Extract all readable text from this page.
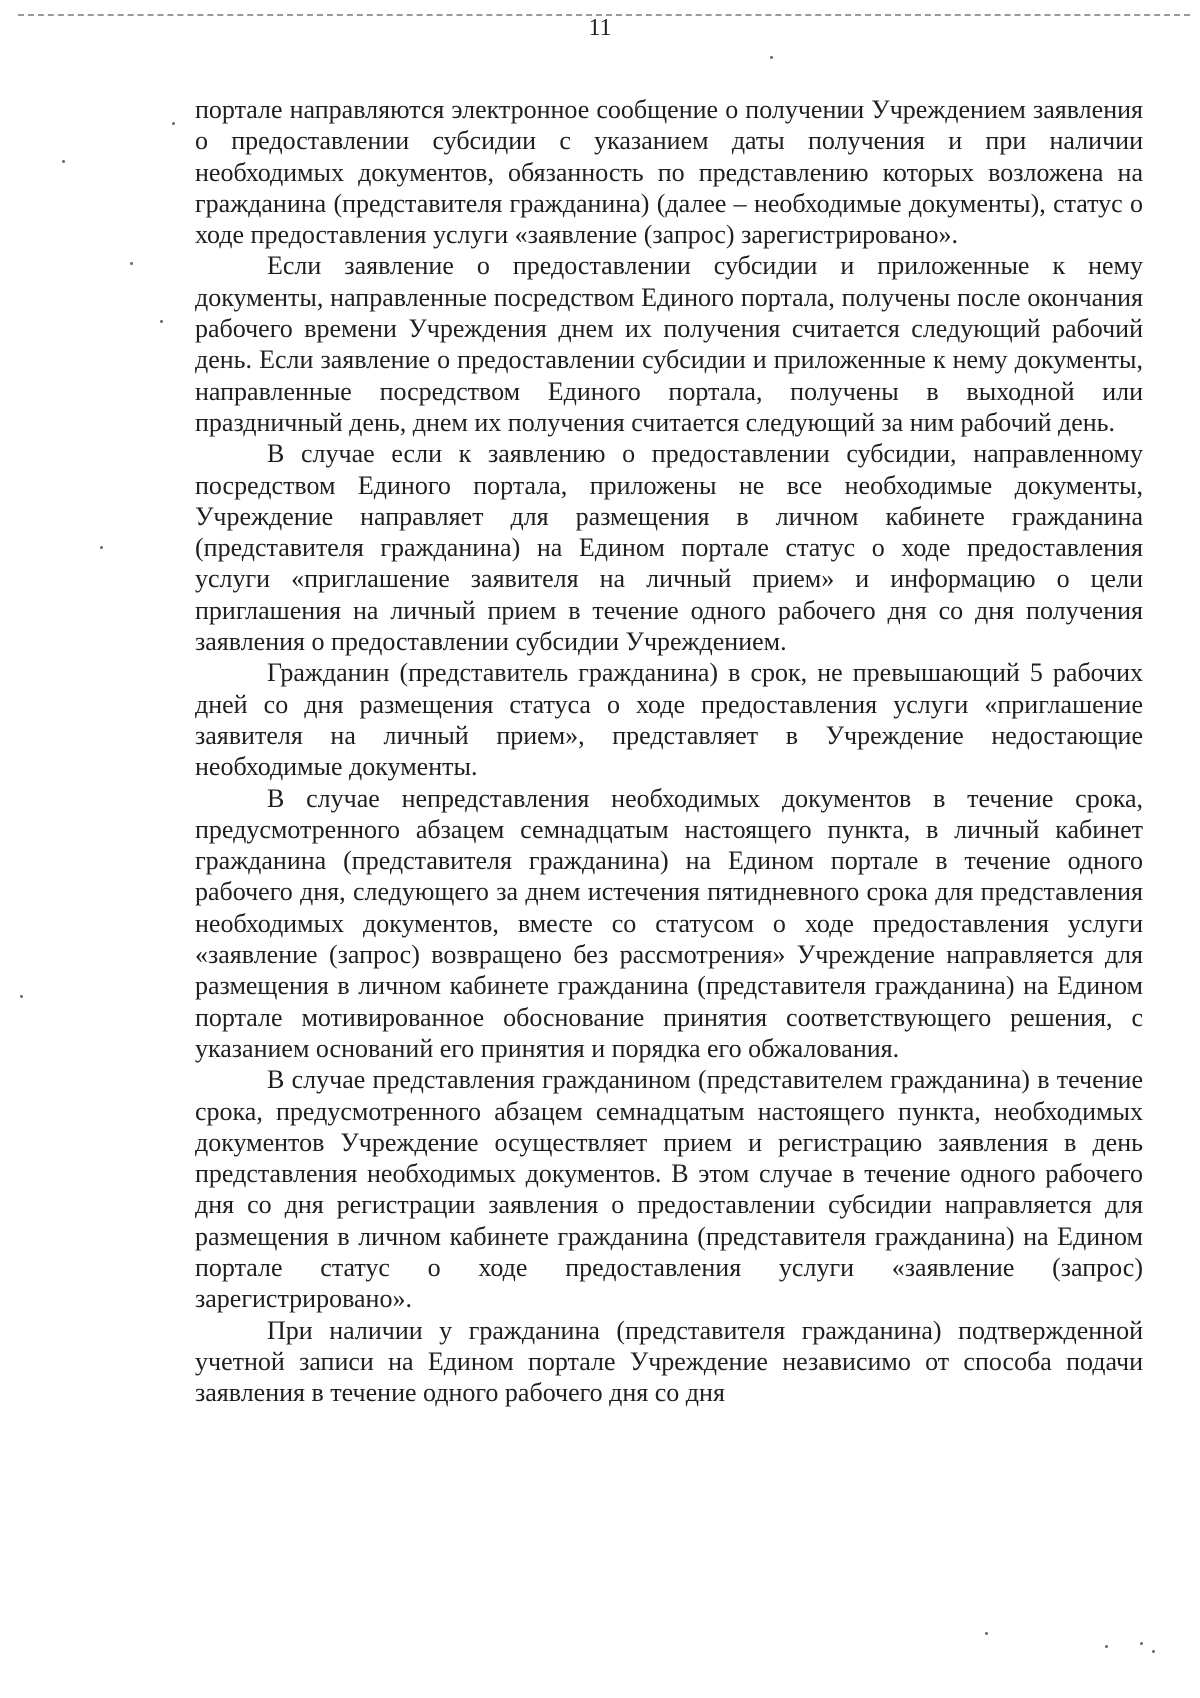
11

порталe направляются электронное сообщение о получении Учреждением заявления о предоставлении субсидии с указанием даты получения и при наличии необходимых документов, обязанность по представлению которых возложена на гражданина (представителя гражданина) (далее – необходимые документы), статус о ходе предоставления услуги «заявление (запрос) зарегистрировано».

Если заявление о предоставлении субсидии и приложенные к нему документы, направленные посредством Единого портала, получены после окончания рабочего времени Учреждения днем их получения считается следующий рабочий день. Если заявление о предоставлении субсидии и приложенные к нему документы, направленные посредством Единого портала, получены в выходной или праздничный день, днем их получения считается следующий за ним рабочий день.

В случае если к заявлению о предоставлении субсидии, направленному посредством Единого портала, приложены не все необходимые документы, Учреждение направляет для размещения в личном кабинете гражданина (представителя гражданина) на Едином портале статус о ходе предоставления услуги «приглашение заявителя на личный прием» и информацию о цели приглашения на личный прием в течение одного рабочего дня со дня получения заявления о предоставлении субсидии Учреждением.

Гражданин (представитель гражданина) в срок, не превышающий 5 рабочих дней со дня размещения статуса о ходе предоставления услуги «приглашение заявителя на личный прием», представляет в Учреждение недостающие необходимые документы.

В случае непредставления необходимых документов в течение срока, предусмотренного абзацем семнадцатым настоящего пункта, в личный кабинет гражданина (представителя гражданина) на Едином портале в течение одного рабочего дня, следующего за днем истечения пятидневного срока для представления необходимых документов, вместе со статусом о ходе предоставления услуги «заявление (запрос) возвращено без рассмотрения» Учреждение направляется для размещения в личном кабинете гражданина (представителя гражданина) на Едином портале мотивированное обоснование принятия соответствующего решения, с указанием оснований его принятия и порядка его обжалования.

В случае представления гражданином (представителем гражданина) в течение срока, предусмотренного абзацем семнадцатым настоящего пункта, необходимых документов Учреждение осуществляет прием и регистрацию заявления в день представления необходимых документов. В этом случае в течение одного рабочего дня со дня регистрации заявления о предоставлении субсидии направляется для размещения в личном кабинете гражданина (представителя гражданина) на Едином портале статус о ходе предоставления услуги «заявление (запрос) зарегистрировано».

При наличии у гражданина (представителя гражданина) подтвержденной учетной записи на Едином портале Учреждение независимо от способа подачи заявления в течение одного рабочего дня со дня
